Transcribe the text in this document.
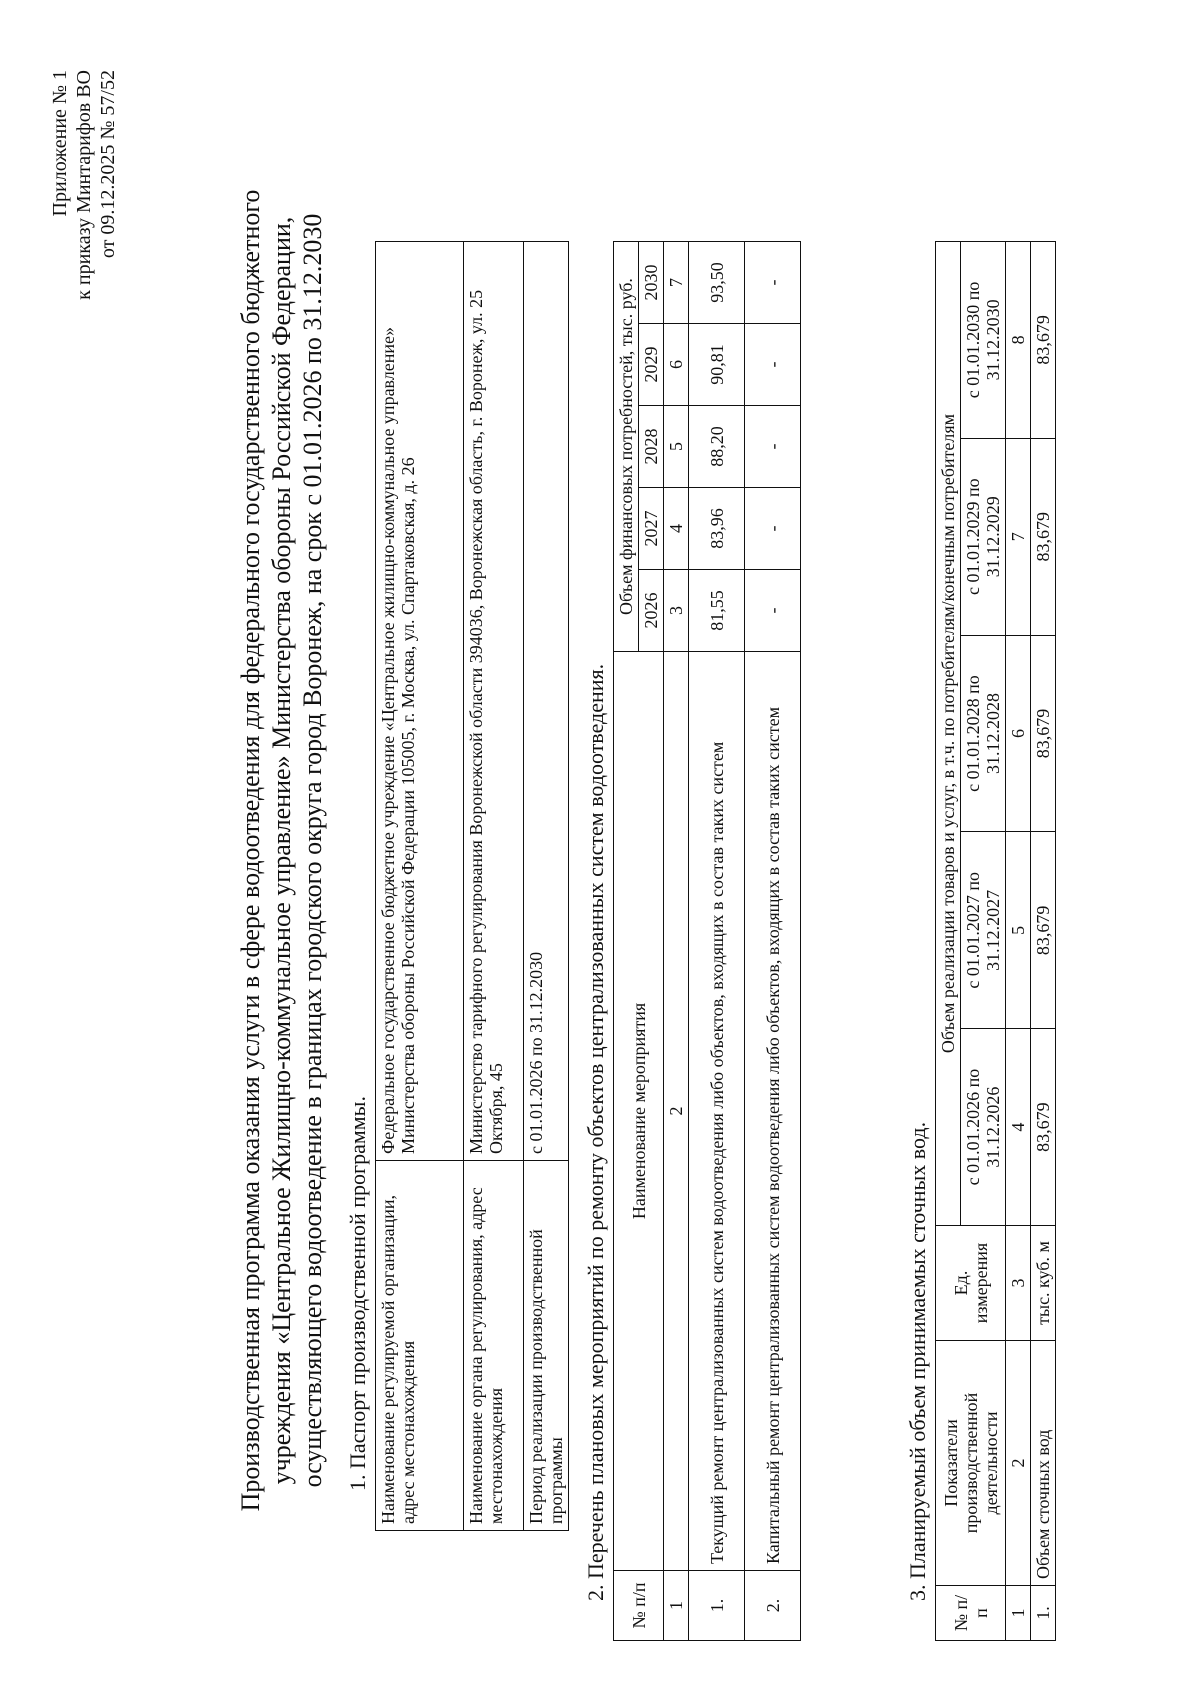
Приложение № 1 к приказу Минтарифов ВО от 09.12.2025 № 57/52
Производственная программа оказания услуги в сфере водоотведения для федерального государственного бюджетного учреждения «Центральное Жилищно-коммунальное управление» Министерства обороны Российской Федерации, осуществляющего водоотведение в границах городского округа город Воронеж, на срок с 01.01.2026 по 31.12.2030 1. Паспорт производственной программы. Наименование регулируемой организации, адрес местонахождения	Федеральное государственное бюджетное учреждение «Центральное жилищно-коммунальное управление» Министерства обороны Российской Федерации 105005, г. Москва, ул. Спартаковская, д. 26
Наименование органа регулирования, адрес местонахождения	Министерство тарифного регулирования Воронежской области 394036, Воронежская область, г. Воронеж, ул. 25 Октября, 45
Период реализации производственной программы	с 01.01.2026 по 31.12.2030 2. Перечень плановых мероприятий по ремонту объектов централизованных систем водоотведения.
№ п/п	Наименование мероприятия	Объем финансовых потребностей, тыс. руб.				
		2026	2027	2028	2029	2030
1	2	3	4	5	6	7
1.	Текущий ремонт централизованных систем водоотведения либо объектов, входящих в состав таких систем	81,55	83,96	88,20	90,81	93,50
2.	Капитальный ремонт централизованных систем водоотведения либо объектов, входящих в состав таких систем	-	-	-	-	-
3. Планируемый объем принимаемых сточных вод.
№ п/п	Показатели производственной деятельности	Ед. измерения	Объем реализации товаров и услуг, в т.ч. по потребителям/конечным потребителям				
			с 01.01.2026 по 31.12.2026	с 01.01.2027 по 31.12.2027	с 01.01.2028 по 31.12.2028	с 01.01.2029 по 31.12.2029	с 01.01.2030 по 31.12.2030
1	2	3	4	5	6	7	8
1.	Объем сточных вод	тыс. куб. м	83,679	83,679	83,679	83,679	83,679
